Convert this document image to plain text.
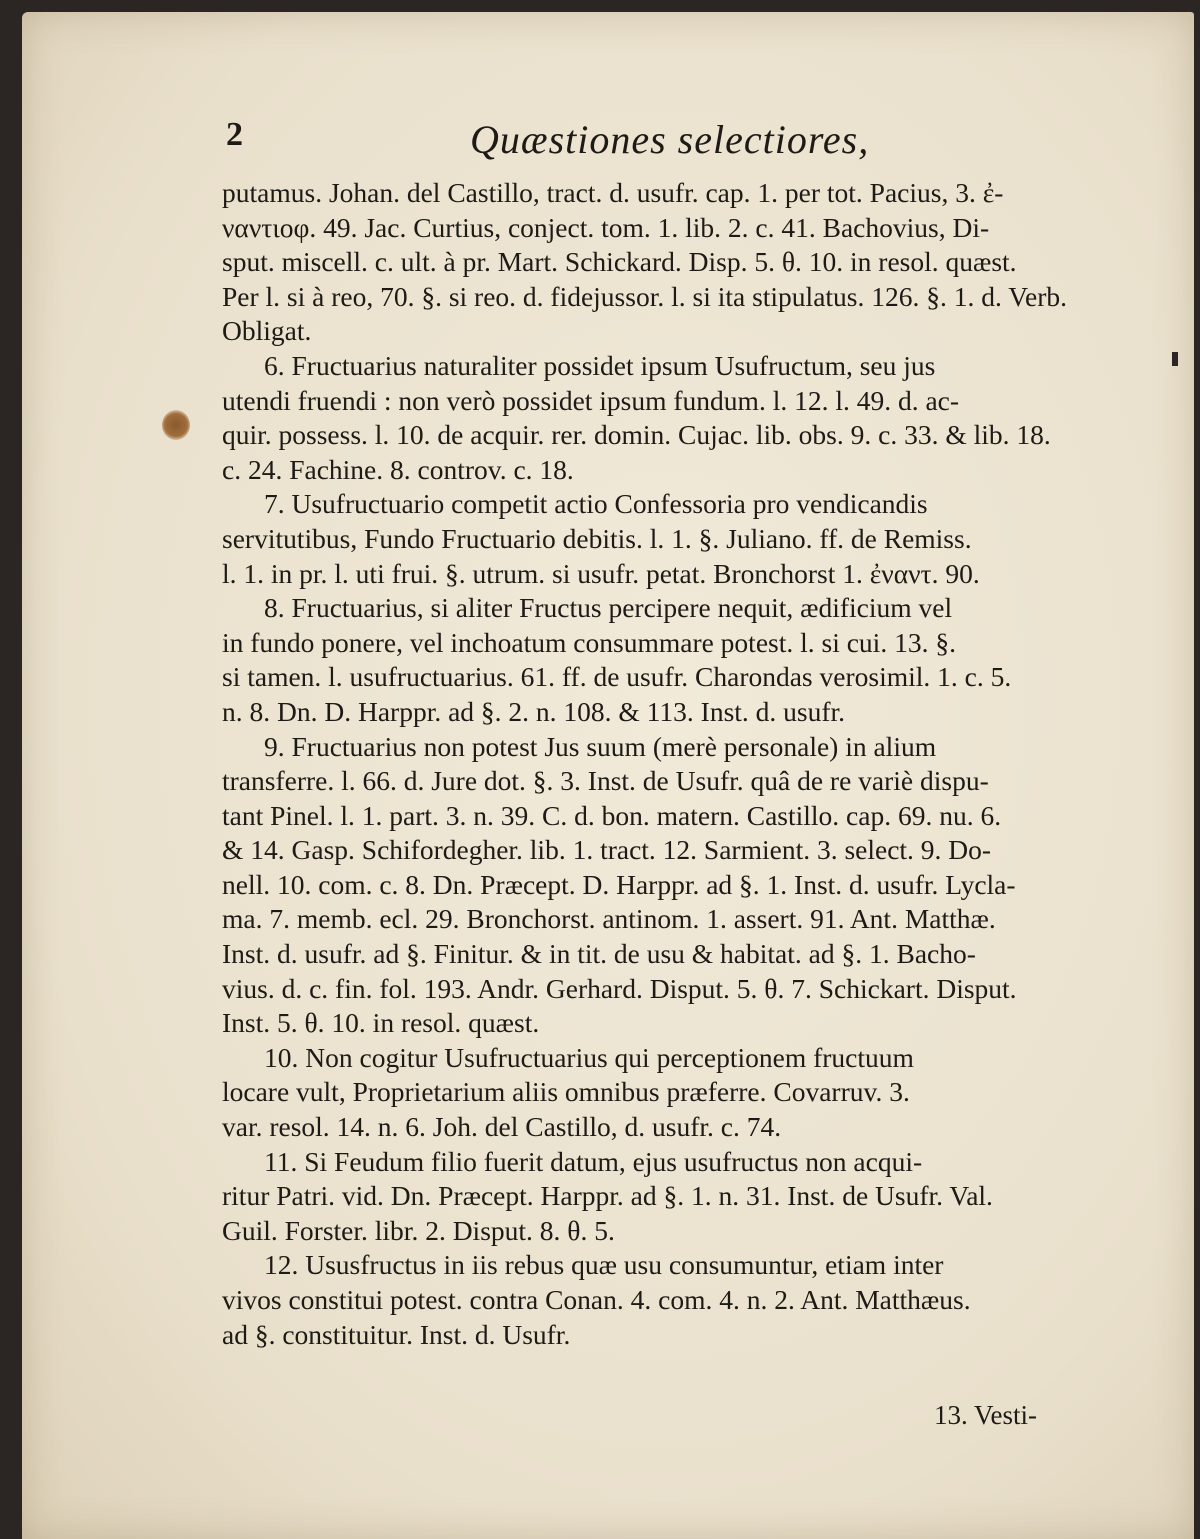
2	Quæstiones selectiores,
putamus. Johan. del Castillo, tract. d. usufr. cap. 1. per tot. Pacius, 3. ἐ-
ναντιοφ. 49. Jac. Curtius, conject. tom. 1. lib. 2. c. 41. Bachovius, Di-
sput. miscell. c. ult. à pr. Mart. Schickard. Disp. 5. θ. 10. in resol. quæst.
Per l. si à reo, 70. §. si reo. d. fidejussor. l. si ita stipulatus. 126. §. 1. d. Verb.
Obligat.
6. Fructuarius naturaliter possidet ipsum Usufructum, seu jus
utendi fruendi : non verò possidet ipsum fundum. l. 12. l. 49. d. ac-
quir. possess. l. 10. de acquir. rer. domin. Cujac. lib. obs. 9. c. 33. & lib. 18.
c. 24. Fachine. 8. controv. c. 18.
7. Usufructuario competit actio Confessoria pro vendicandis
servitutibus, Fundo Fructuario debitis. l. 1. §. Juliano. ff. de Remiss.
l. 1. in pr. l. uti frui. §. utrum. si usufr. petat. Bronchorst 1. ἐναντ. 90.
8. Fructuarius, si aliter Fructus percipere nequit, ædificium vel
in fundo ponere, vel inchoatum consummare potest. l. si cui. 13. §.
si tamen. l. usufructuarius. 61. ff. de usufr. Charondas verosimil. 1. c. 5.
n. 8. Dn. D. Harppr. ad §. 2. n. 108. & 113. Inst. d. usufr.
9. Fructuarius non potest Jus suum (merè personale) in alium
transferre. l. 66. d. Jure dot. §. 3. Inst. de Usufr. quâ de re variè dispu-
tant Pinel. l. 1. part. 3. n. 39. C. d. bon. matern. Castillo. cap. 69. nu. 6.
& 14. Gasp. Schifordegher. lib. 1. tract. 12. Sarmient. 3. select. 9. Do-
nell. 10. com. c. 8. Dn. Præcept. D. Harppr. ad §. 1. Inst. d. usufr. Lycla-
ma. 7. memb. ecl. 29. Bronchorst. antinom. 1. assert. 91. Ant. Matthæ.
Inst. d. usufr. ad §. Finitur. & in tit. de usu & habitat. ad §. 1. Bacho-
vius. d. c. fin. fol. 193. Andr. Gerhard. Disput. 5. θ. 7. Schickart. Disput.
Inst. 5. θ. 10. in resol. quæst.
10. Non cogitur Usufructuarius qui perceptionem fructuum
locare vult, Proprietarium aliis omnibus præferre. Covarruv. 3.
var. resol. 14. n. 6. Joh. del Castillo, d. usufr. c. 74.
11. Si Feudum filio fuerit datum, ejus usufructus non acqui-
ritur Patri. vid. Dn. Præcept. Harppr. ad §. 1. n. 31. Inst. de Usufr. Val.
Guil. Forster. libr. 2. Disput. 8. θ. 5.
12. Ususfructus in iis rebus quæ usu consumuntur, etiam inter
vivos constitui potest. contra Conan. 4. com. 4. n. 2. Ant. Matthæus.
ad §. constituitur. Inst. d. Usufr.
13. Vesti-
